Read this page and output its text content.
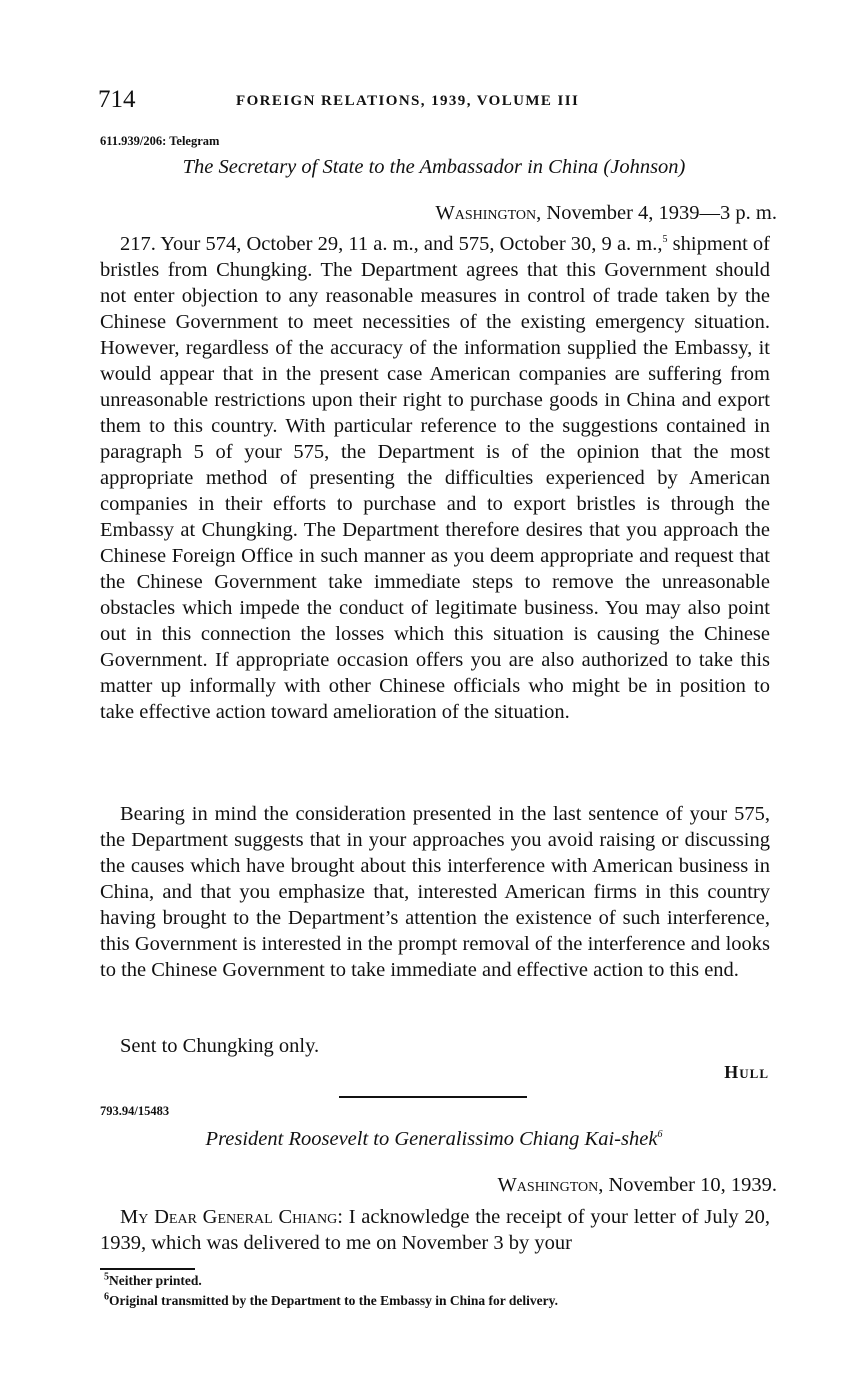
714	FOREIGN RELATIONS, 1939, VOLUME III
611.939/206: Telegram
The Secretary of State to the Ambassador in China (Johnson)
Washington, November 4, 1939—3 p. m.
217. Your 574, October 29, 11 a. m., and 575, October 30, 9 a. m.,$^5$ shipment of bristles from Chungking. The Department agrees that this Government should not enter objection to any reasonable measures in control of trade taken by the Chinese Government to meet necessities of the existing emergency situation. However, regardless of the accuracy of the information supplied the Embassy, it would appear that in the present case American companies are suffering from unreasonable restrictions upon their right to purchase goods in China and export them to this country. With particular reference to the suggestions contained in paragraph 5 of your 575, the Department is of the opinion that the most appropriate method of presenting the difficulties experienced by American companies in their efforts to purchase and to export bristles is through the Embassy at Chungking. The Department therefore desires that you approach the Chinese Foreign Office in such manner as you deem appropriate and request that the Chinese Government take immediate steps to remove the unreasonable obstacles which impede the conduct of legitimate business. You may also point out in this connection the losses which this situation is causing the Chinese Government. If appropriate occasion offers you are also authorized to take this matter up informally with other Chinese officials who might be in position to take effective action toward amelioration of the situation.
Bearing in mind the consideration presented in the last sentence of your 575, the Department suggests that in your approaches you avoid raising or discussing the causes which have brought about this interference with American business in China, and that you emphasize that, interested American firms in this country having brought to the Department’s attention the existence of such interference, this Government is interested in the prompt removal of the interference and looks to the Chinese Government to take immediate and effective action to this end.
Sent to Chungking only.
Hull
793.94/15483
President Roosevelt to Generalissimo Chiang Kai-shek$^6$
Washington, November 10, 1939.
My Dear General Chiang: I acknowledge the receipt of your letter of July 20, 1939, which was delivered to me on November 3 by your
$^5$Neither printed.
$^6$Original transmitted by the Department to the Embassy in China for delivery.
